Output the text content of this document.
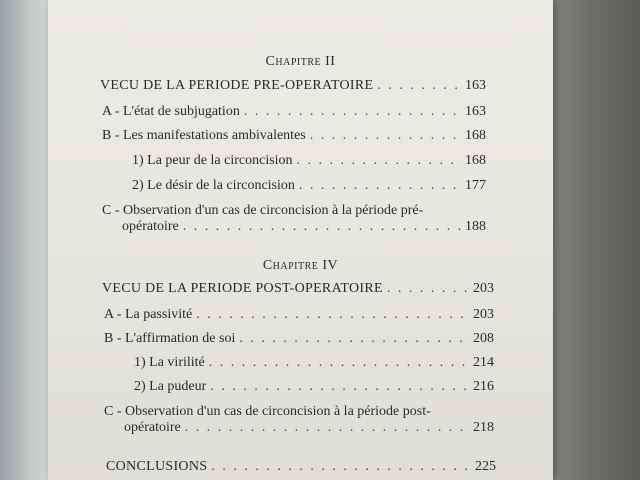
Chapitre II
VECU DE LA PERIODE PRE-OPERATOIRE . . .	163
A - L'état de subjugation . . .	163
B - Les manifestations ambivalentes . . .	168
1) La peur de la circoncision . . .	168
2) Le désir de la circoncision . . .	177
C - Observation d'un cas de circoncision à la période pré-
opératoire . . .	188
Chapitre IV
VECU DE LA PERIODE POST-OPERATOIRE . . .	203
A - La passivité . . .	203
B - L'affirmation de soi . . .	208
1) La virilité . . .	214
2) La pudeur . . .	216
C - Observation d'un cas de circoncision à la période post-
opératoire . . .	218
CONCLUSIONS . . .	225
